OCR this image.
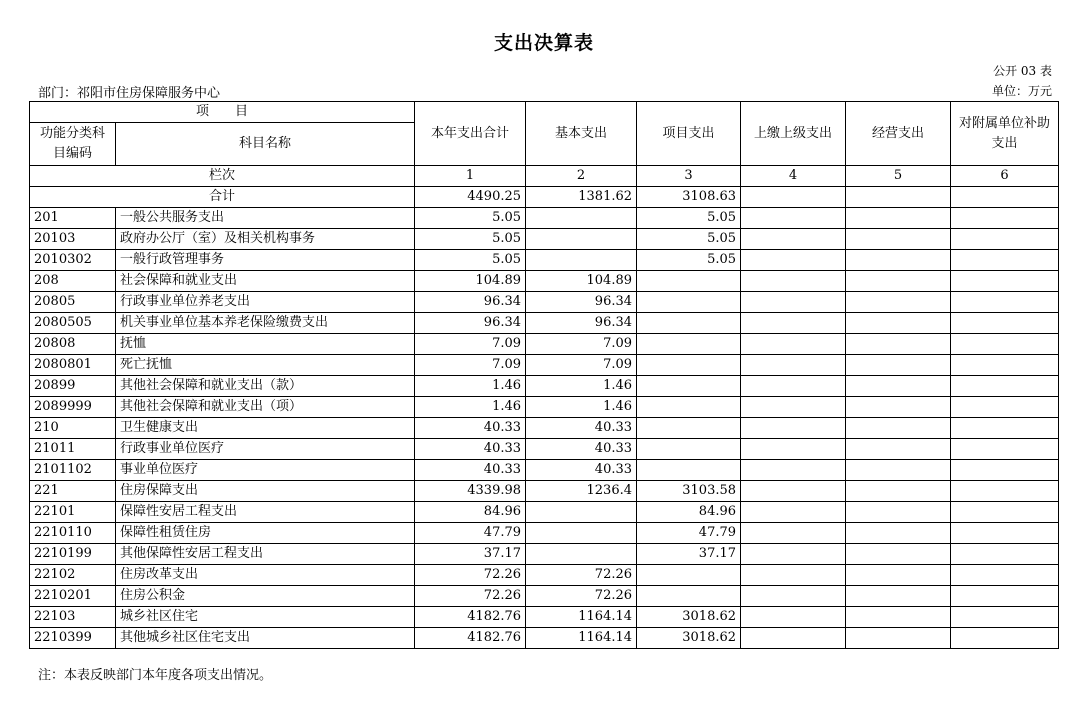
支出决算表
公开 03 表
部门：祁阳市住房保障服务中心	单位：万元
项　　目		本年支出合计	基本支出	项目支出	上缴上级支出	经营支出	对附属单位补助支出
功能分类科目编码	科目名称						
栏次		1	2	3	4	5	6
合计		4490.25	1381.62	3108.63			
201	一般公共服务支出	5.05		5.05			
20103	政府办公厅（室）及相关机构事务	5.05		5.05			
2010302	一般行政管理事务	5.05		5.05			
208	社会保障和就业支出	104.89	104.89				
20805	行政事业单位养老支出	96.34	96.34				
2080505	机关事业单位基本养老保险缴费支出	96.34	96.34				
20808	抚恤	7.09	7.09				
2080801	死亡抚恤	7.09	7.09				
20899	其他社会保障和就业支出（款）	1.46	1.46				
2089999	其他社会保障和就业支出（项）	1.46	1.46				
210	卫生健康支出	40.33	40.33				
21011	行政事业单位医疗	40.33	40.33				
2101102	事业单位医疗	40.33	40.33				
221	住房保障支出	4339.98	1236.4	3103.58			
22101	保障性安居工程支出	84.96		84.96			
2210110	保障性租赁住房	47.79		47.79			
2210199	其他保障性安居工程支出	37.17		37.17			
22102	住房改革支出	72.26	72.26				
2210201	住房公积金	72.26	72.26				
22103	城乡社区住宅	4182.76	1164.14	3018.62			
2210399	其他城乡社区住宅支出	4182.76	1164.14	3018.62			
注：本表反映部门本年度各项支出情况。
